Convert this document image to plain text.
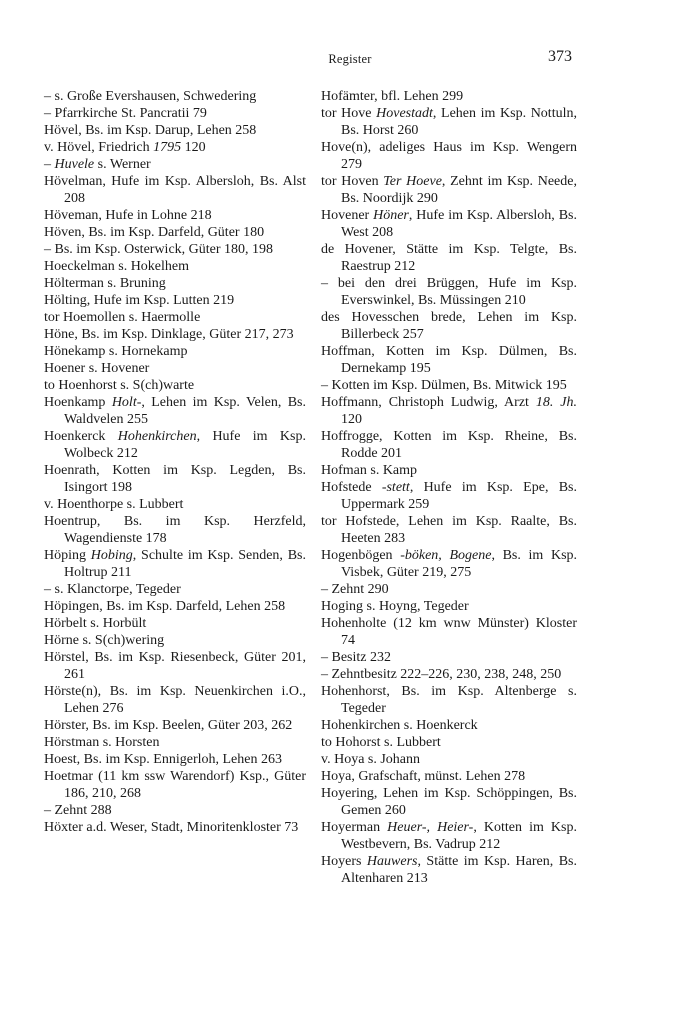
Register	373
– s. Große Evershausen, Schwedering
– Pfarrkirche St. Pancratii 79
Hövel, Bs. im Ksp. Darup, Lehen 258
v. Hövel, Friedrich 1795 120
– Huvele s. Werner
Hövelman, Hufe im Ksp. Albersloh, Bs. Alst 208
Höveman, Hufe in Lohne 218
Höven, Bs. im Ksp. Darfeld, Güter 180
– Bs. im Ksp. Osterwick, Güter 180, 198
Hoeckelman s. Hokelhem
Hölterman s. Bruning
Hölting, Hufe im Ksp. Lutten 219
tor Hoemollen s. Haermolle
Höne, Bs. im Ksp. Dinklage, Güter 217, 273
Hönekamp s. Hornekamp
Hoener s. Hovener
to Hoenhorst s. S(ch)warte
Hoenkamp Holt-, Lehen im Ksp. Velen, Bs. Waldvelen 255
Hoenkerck Hohenkirchen, Hufe im Ksp. Wolbeck 212
Hoenrath, Kotten im Ksp. Legden, Bs. Isingort 198
v. Hoenthorpe s. Lubbert
Hoentrup, Bs. im Ksp. Herzfeld, Wagendienste 178
Höping Hobing, Schulte im Ksp. Senden, Bs. Holtrup 211
– s. Klanctorpe, Tegeder
Höpingen, Bs. im Ksp. Darfeld, Lehen 258
Hörbelt s. Horbült
Hörne s. S(ch)wering
Hörstel, Bs. im Ksp. Riesenbeck, Güter 201, 261
Hörste(n), Bs. im Ksp. Neuenkirchen i.O., Lehen 276
Hörster, Bs. im Ksp. Beelen, Güter 203, 262
Hörstman s. Horsten
Hoest, Bs. im Ksp. Ennigerloh, Lehen 263
Hoetmar (11 km ssw Warendorf) Ksp., Güter 186, 210, 268
– Zehnt 288
Höxter a.d. Weser, Stadt, Minoritenkloster 73
Hofämter, bfl. Lehen 299
tor Hove Hovestadt, Lehen im Ksp. Nottuln, Bs. Horst 260
Hove(n), adeliges Haus im Ksp. Wengern 279
tor Hoven Ter Hoeve, Zehnt im Ksp. Neede, Bs. Noordijk 290
Hovener Höner, Hufe im Ksp. Albersloh, Bs. West 208
de Hovener, Stätte im Ksp. Telgte, Bs. Raestrup 212
– bei den drei Brüggen, Hufe im Ksp. Everswinkel, Bs. Müssingen 210
des Hovesschen brede, Lehen im Ksp. Billerbeck 257
Hoffman, Kotten im Ksp. Dülmen, Bs. Dernekamp 195
– Kotten im Ksp. Dülmen, Bs. Mitwick 195
Hoffmann, Christoph Ludwig, Arzt 18. Jh. 120
Hoffrogge, Kotten im Ksp. Rheine, Bs. Rodde 201
Hofman s. Kamp
Hofstede -stett, Hufe im Ksp. Epe, Bs. Uppermark 259
tor Hofstede, Lehen im Ksp. Raalte, Bs. Heeten 283
Hogenbögen -böken, Bogene, Bs. im Ksp. Visbek, Güter 219, 275
– Zehnt 290
Hoging s. Hoyng, Tegeder
Hohenholte (12 km wnw Münster) Kloster 74
– Besitz 232
– Zehntbesitz 222–226, 230, 238, 248, 250
Hohenhorst, Bs. im Ksp. Altenberge s. Tegeder
Hohenkirchen s. Hoenkerck
to Hohorst s. Lubbert
v. Hoya s. Johann
Hoya, Grafschaft, münst. Lehen 278
Hoyering, Lehen im Ksp. Schöppingen, Bs. Gemen 260
Hoyerman Heuer-, Heier-, Kotten im Ksp. Westbevern, Bs. Vadrup 212
Hoyers Hauwers, Stätte im Ksp. Haren, Bs. Altenharen 213
